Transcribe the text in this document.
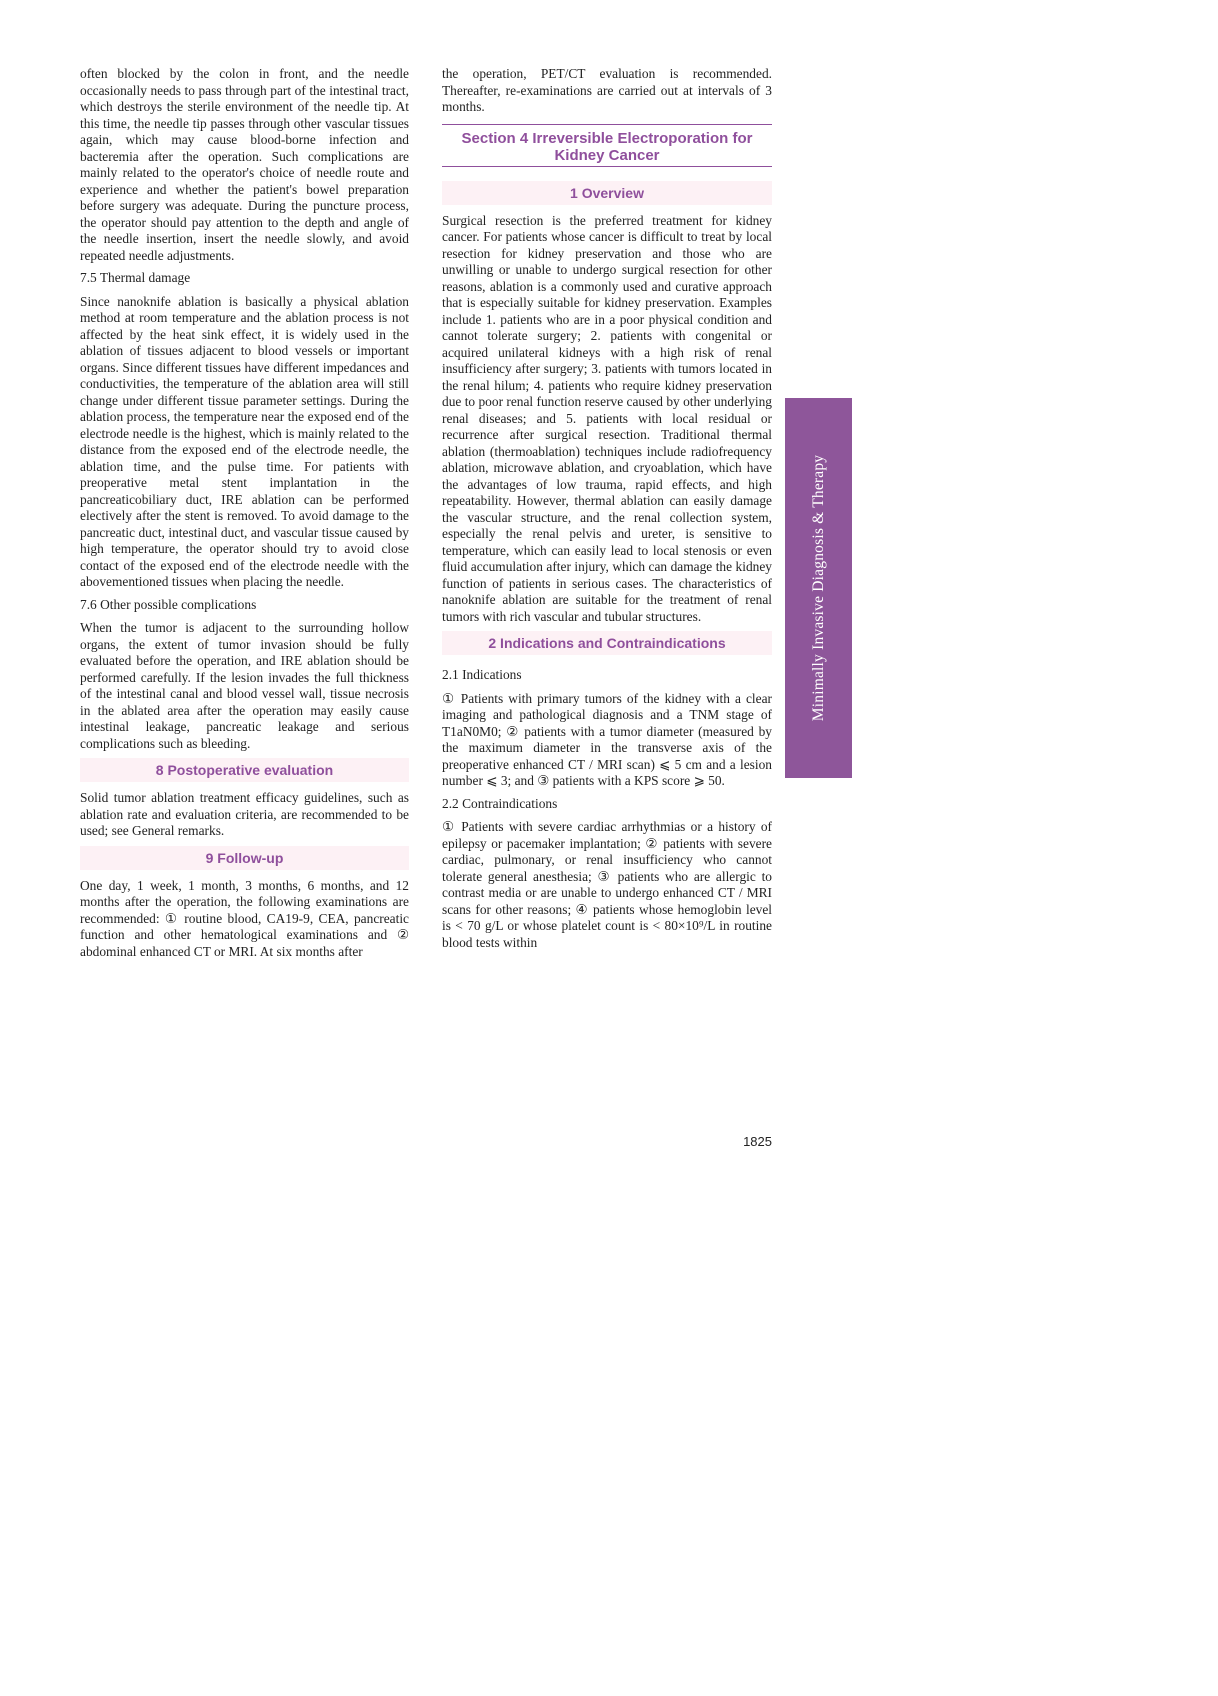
often blocked by the colon in front, and the needle occasionally needs to pass through part of the intestinal tract, which destroys the sterile environment of the needle tip. At this time, the needle tip passes through other vascular tissues again, which may cause blood-borne infection and bacteremia after the operation. Such complications are mainly related to the operator's choice of needle route and experience and whether the patient's bowel preparation before surgery was adequate. During the puncture process, the operator should pay attention to the depth and angle of the needle insertion, insert the needle slowly, and avoid repeated needle adjustments.

7.5 Thermal damage

Since nanoknife ablation is basically a physical ablation method at room temperature and the ablation process is not affected by the heat sink effect, it is widely used in the ablation of tissues adjacent to blood vessels or important organs. Since different tissues have different impedances and conductivities, the temperature of the ablation area will still change under different tissue parameter settings. During the ablation process, the temperature near the exposed end of the electrode needle is the highest, which is mainly related to the distance from the exposed end of the electrode needle, the ablation time, and the pulse time. For patients with preoperative metal stent implantation in the pancreaticobiliary duct, IRE ablation can be performed electively after the stent is removed. To avoid damage to the pancreatic duct, intestinal duct, and vascular tissue caused by high temperature, the operator should try to avoid close contact of the exposed end of the electrode needle with the abovementioned tissues when placing the needle.

7.6 Other possible complications

When the tumor is adjacent to the surrounding hollow organs, the extent of tumor invasion should be fully evaluated before the operation, and IRE ablation should be performed carefully. If the lesion invades the full thickness of the intestinal canal and blood vessel wall, tissue necrosis in the ablated area after the operation may easily cause intestinal leakage, pancreatic leakage and serious complications such as bleeding.

8 Postoperative evaluation

Solid tumor ablation treatment efficacy guidelines, such as ablation rate and evaluation criteria, are recommended to be used; see General remarks.

9 Follow-up

One day, 1 week, 1 month, 3 months, 6 months, and 12 months after the operation, the following examinations are recommended: ① routine blood, CA19-9, CEA, pancreatic function and other hematological examinations and ② abdominal enhanced CT or MRI. At six months after

the operation, PET/CT evaluation is recommended. Thereafter, re-examinations are carried out at intervals of 3 months.

Section 4 Irreversible Electroporation for Kidney Cancer
1 Overview

Surgical resection is the preferred treatment for kidney cancer. For patients whose cancer is difficult to treat by local resection for kidney preservation and those who are unwilling or unable to undergo surgical resection for other reasons, ablation is a commonly used and curative approach that is especially suitable for kidney preservation. Examples include 1. patients who are in a poor physical condition and cannot tolerate surgery; 2. patients with congenital or acquired unilateral kidneys with a high risk of renal insufficiency after surgery; 3. patients with tumors located in the renal hilum; 4. patients who require kidney preservation due to poor renal function reserve caused by other underlying renal diseases; and 5. patients with local residual or recurrence after surgical resection. Traditional thermal ablation (thermoablation) techniques include radiofrequency ablation, microwave ablation, and cryoablation, which have the advantages of low trauma, rapid effects, and high repeatability. However, thermal ablation can easily damage the vascular structure, and the renal collection system, especially the renal pelvis and ureter, is sensitive to temperature, which can easily lead to local stenosis or even fluid accumulation after injury, which can damage the kidney function of patients in serious cases. The characteristics of nanoknife ablation are suitable for the treatment of renal tumors with rich vascular and tubular structures.

2 Indications and Contraindications
2.1 Indications

① Patients with primary tumors of the kidney with a clear imaging and pathological diagnosis and a TNM stage of T1aN0M0; ② patients with a tumor diameter (measured by the maximum diameter in the transverse axis of the preoperative enhanced CT / MRI scan) ⩽ 5 cm and a lesion number ⩽ 3; and ③ patients with a KPS score ⩾ 50.

2.2 Contraindications

① Patients with severe cardiac arrhythmias or a history of epilepsy or pacemaker implantation; ② patients with severe cardiac, pulmonary, or renal insufficiency who cannot tolerate general anesthesia; ③ patients who are allergic to contrast media or are unable to undergo enhanced CT / MRI scans for other reasons; ④ patients whose hemoglobin level is < 70 g/L or whose platelet count is < 80×10⁹/L in routine blood tests within

Minimally Invasive Diagnosis & Therapy
1825
